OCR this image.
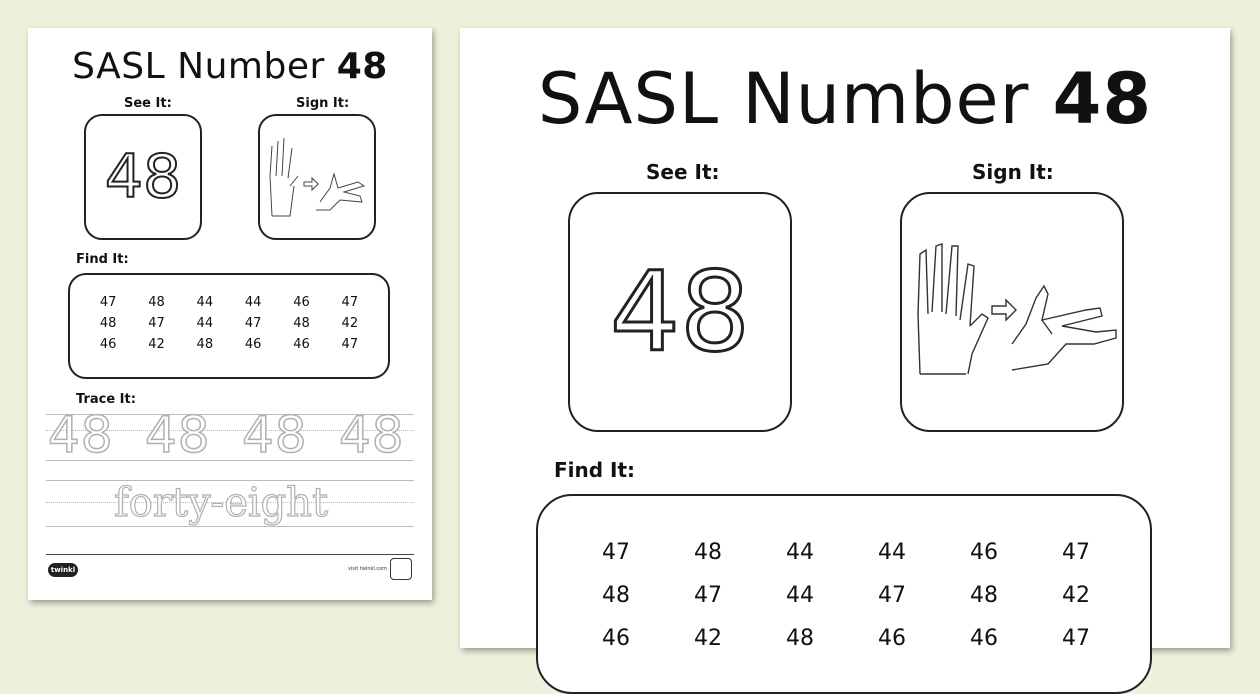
SASL Number 48
See It:	Sign It:
48
Find It:
47	48	44	44	46	47
48	47	44	47	48	42
46	42	48	46	46	47
Trace It:
48 48 48 48
forty-eight
twinkl	visit twinkl.com
SASL Number 48
See It:	Sign It:
48
Find It:
47	48	44	44	46	47
48	47	44	47	48	42
46	42	48	46	46	47
